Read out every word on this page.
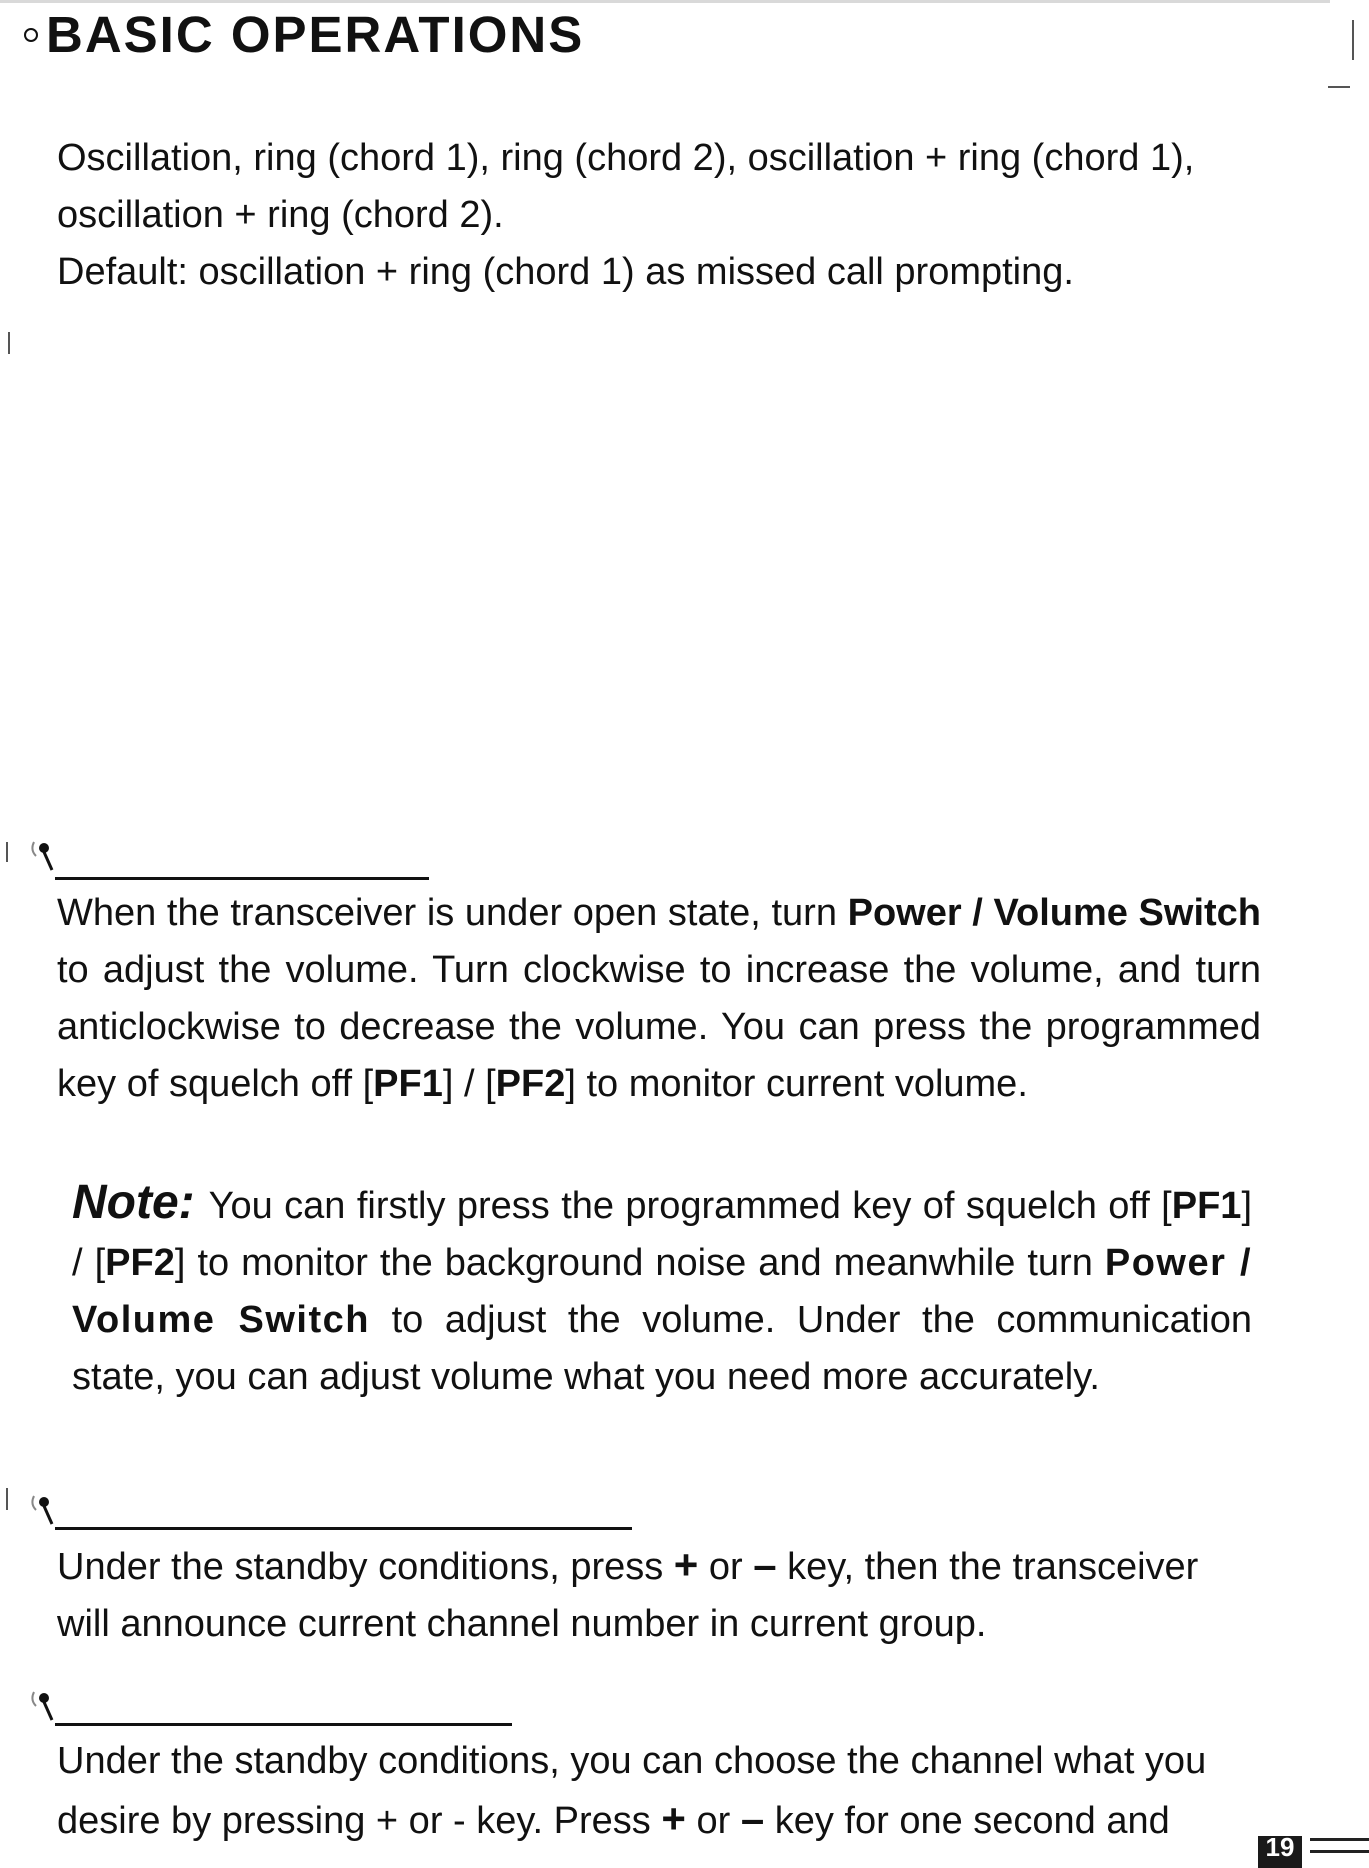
BASIC OPERATIONS

Oscillation, ring (chord 1), ring (chord 2), oscillation + ring (chord 1), oscillation + ring (chord 2).
Default: oscillation + ring (chord 1) as missed call prompting.

When the transceiver is under open state, turn Power / Volume Switch to adjust the volume. Turn clockwise to increase the volume, and turn anticlockwise to decrease the volume. You can press the programmed key of squelch off [PF1] / [PF2] to monitor current volume.

Note: You can firstly press the programmed key of squelch off [PF1] / [PF2] to monitor the background noise and meanwhile turn Power / Volume Switch to adjust the volume. Under the communication state, you can adjust volume what you need more accurately.

Under the standby conditions, press + or – key, then the transceiver will announce current channel number in current group.

Under the standby conditions, you can choose the channel what you desire by pressing + or - key. Press + or – key for one second and

19
